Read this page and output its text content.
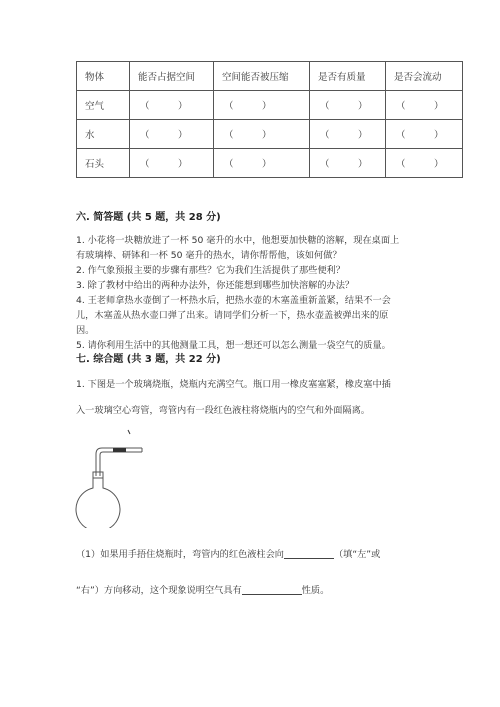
物体	能否占据空间	空间能否被压缩	是否有质量	是否会流动
空气	（　　　）	（　　　）	（　　　）	（　　　）
水	（　　　）	（　　　）	（　　　）	（　　　）
石头	（　　　）	（　　　）	（　　　）	（　　　）
六. 简答题 (共 5 题，共 28 分)

1. 小花将一块糖放进了一杯 50 毫升的水中，他想要加快糖的溶解，现在桌面上

有玻璃棒、研钵和一杯 50 毫升的热水，请你帮帮他，该如何做？

2. 作气象预报主要的步骤有那些？它为我们生活提供了那些便利？

3. 除了教材中给出的两种办法外，你还能想到哪些加快溶解的办法？

4. 王老师拿热水壶倒了一杯热水后，把热水壶的木塞盖重新盖紧，结果不一会

儿，木塞盖从热水壶口弹了出来。请同学们分析一下，热水壶盖被弹出来的原

因。

5. 请你利用生活中的其他测量工具，想一想还可以怎么测量一袋空气的质量。

七. 综合题 (共 3 题，共 22 分)
1. 下图是一个玻璃烧瓶，烧瓶内充满空气。瓶口用一橡皮塞塞紧，橡皮塞中插
入一玻璃空心弯管，弯管内有一段红色液柱将烧瓶内的空气和外面隔离。
（1）如果用手捂住烧瓶时，弯管内的红色液柱会向	（填“左”或
“右”）方向移动，这个现象说明空气具有	性质。
